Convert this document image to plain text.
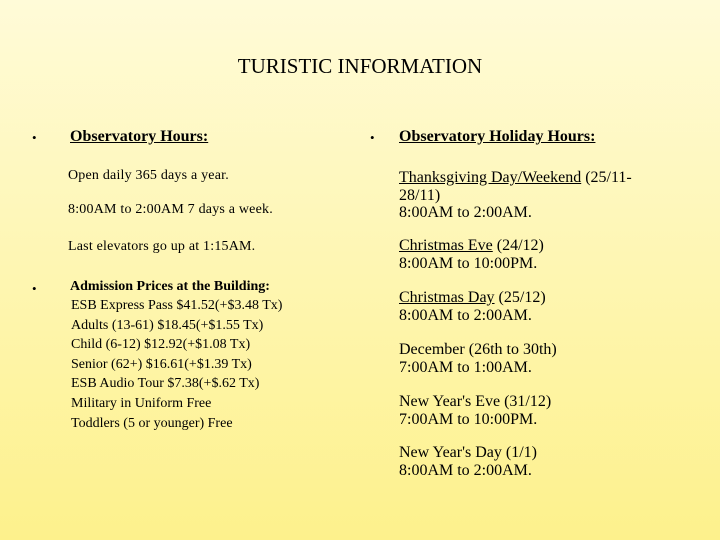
TURISTIC INFORMATION
• Observatory Hours:
Open daily 365 days a year.
8:00AM to 2:00AM 7 days a week.
Last elevators go up at 1:15AM.
• Admission Prices at the Building:
ESB Express Pass $41.52(+$3.48 Tx)
Adults (13-61) $18.45(+$1.55 Tx)
Child (6-12) $12.92(+$1.08 Tx)
Senior (62+) $16.61(+$1.39 Tx)
ESB Audio Tour $7.38(+$.62 Tx)
Military in Uniform Free
Toddlers (5 or younger) Free
• Observatory Holiday Hours:
Thanksgiving Day/Weekend (25/11-
28/11)
8:00AM to 2:00AM.
Christmas Eve (24/12)
8:00AM to 10:00PM.
Christmas Day (25/12)
8:00AM to 2:00AM.
December (26th to 30th)
7:00AM to 1:00AM.
New Year's Eve (31/12)
7:00AM to 10:00PM.
New Year's Day (1/1)
8:00AM to 2:00AM.
